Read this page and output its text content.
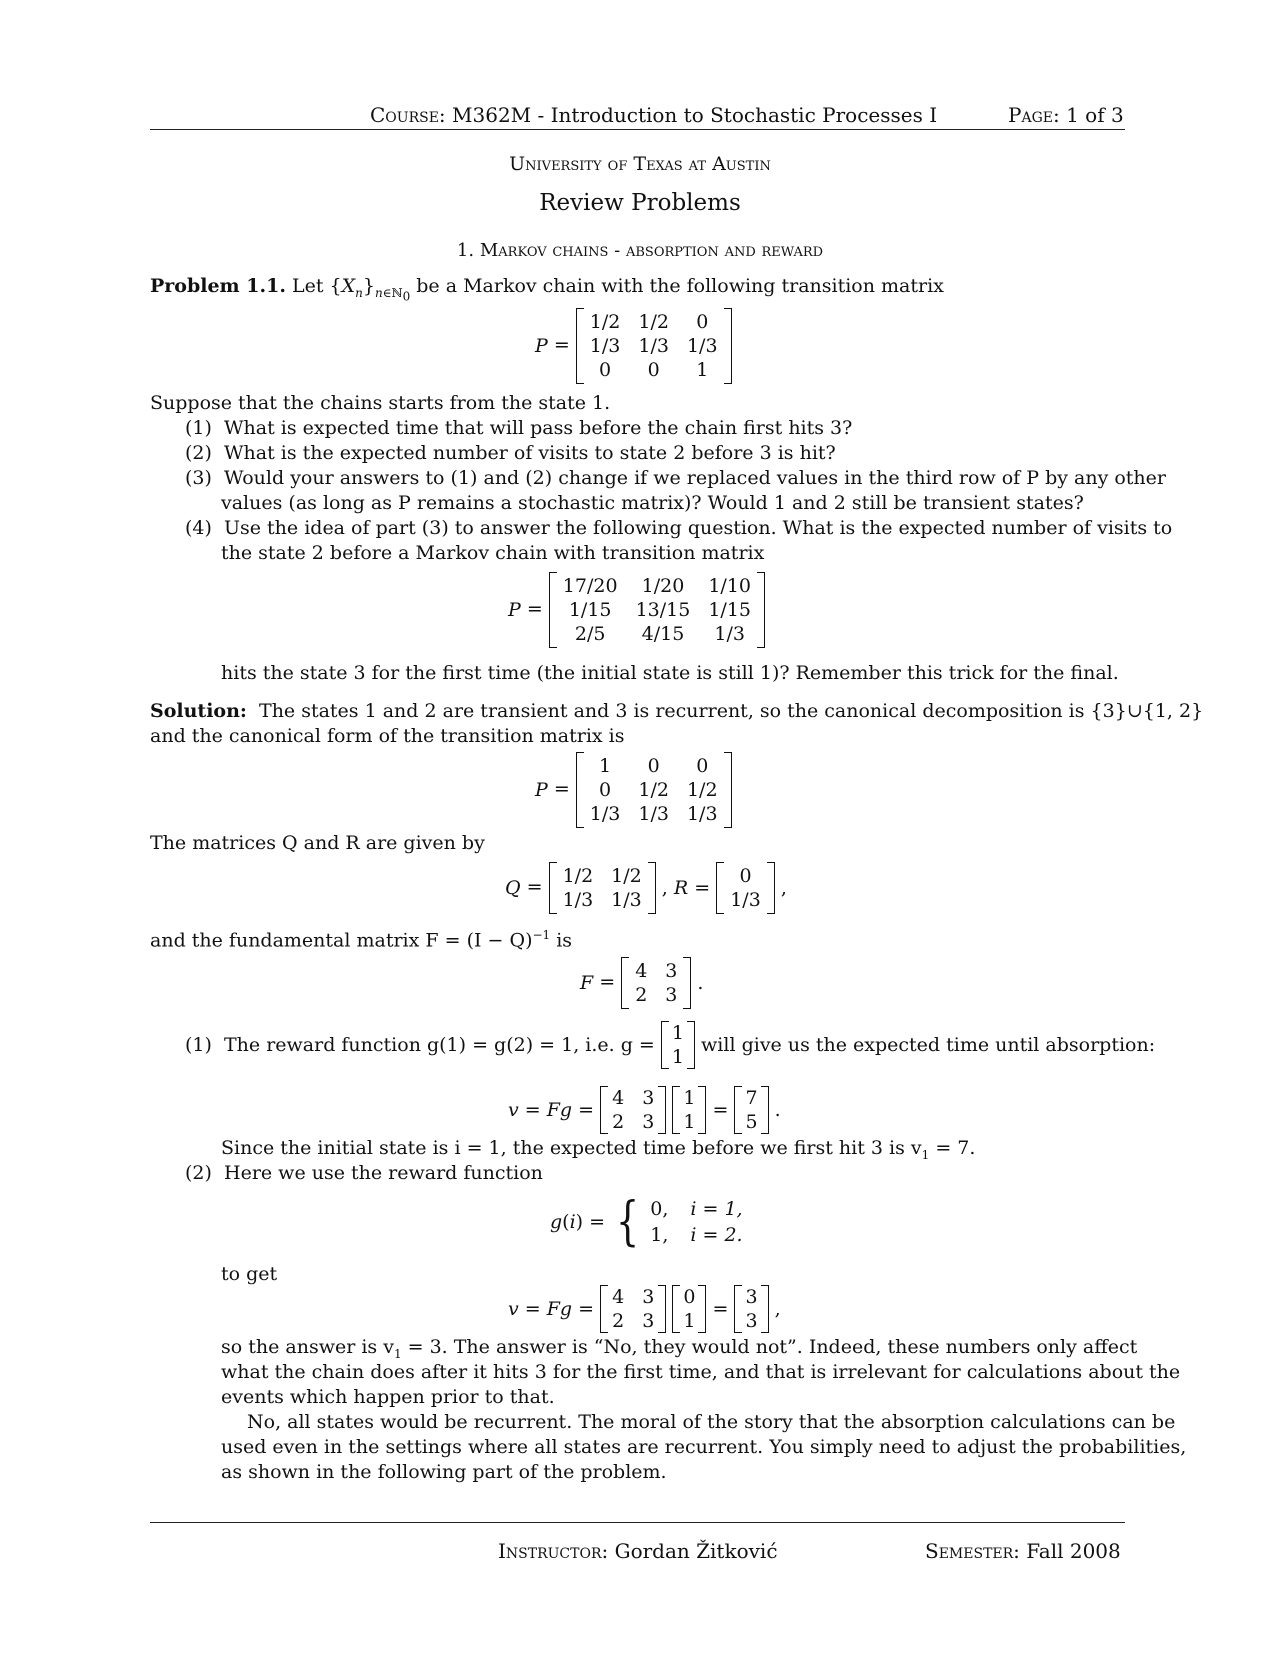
Course: M362M - Introduction to Stochastic Processes I	Page: 1 of 3
University of Texas at Austin
Review Problems
1. Markov chains - absorption and reward
Problem 1.1. Let $\{X_n\}_{n\in ℕ_0}$ be a Markov chain with the following transition matrix
P =
1/2 1/2	0
1/3 1/3 1/3
0	0	1
Suppose that the chains starts from the state 1.
(1)  What is expected time that will pass before the chain first hits 3?
(2)  What is the expected number of visits to state 2 before 3 is hit?
(3)  Would your answers to (1) and (2) change if we replaced values in the third row of P by any other
values (as long as P remains a stochastic matrix)? Would 1 and 2 still be transient states?
(4)  Use the idea of part (3) to answer the following question. What is the expected number of visits to
the state 2 before a Markov chain with transition matrix
P =
17/20	1/20	1/10
1/15	13/15 1/15
2/5	4/15	1/3
hits the state 3 for the first time (the initial state is still 1)? Remember this trick for the final.
Solution: The states 1 and 2 are transient and 3 is recurrent, so the canonical decomposition is {3}∪{1, 2}
and the canonical form of the transition matrix is
P =
1	0	0
0	1/2 1/2
1/3 1/3 1/3
The matrices Q and R are given by
Q = 1/2 1/2
1/3 1/3
, R =
0
1/3
,
and the fundamental matrix $F = (I - Q)^{-1}$ is
F = 4 3
2 3
.
(1)  The reward function g(1) = g(2) = 1, i.e. g =
1
1
will give us the expected time until absorption:
v = Fg =
4 3
2 3

1
1
=
7
5
.
Since the initial state is i = 1, the expected time before we first hit 3 is $v_1 = 7$.
(2)  Here we use the reward function
g(i) = { 0, i = 1,
1, i = 2.
to get
v = Fg =
4 3
2 3

0
1
=
3
3
,
so the answer is $v_1 = 3$. The answer is “No, they would not”. Indeed, these numbers only affect
what the chain does after it hits 3 for the first time, and that is irrelevant for calculations about the
events which happen prior to that.
No, all states would be recurrent. The moral of the story that the absorption calculations can be
used even in the settings where all states are recurrent. You simply need to adjust the probabilities,
as shown in the following part of the problem.
Instructor: Gordan Žitković	Semester: Fall 2008
